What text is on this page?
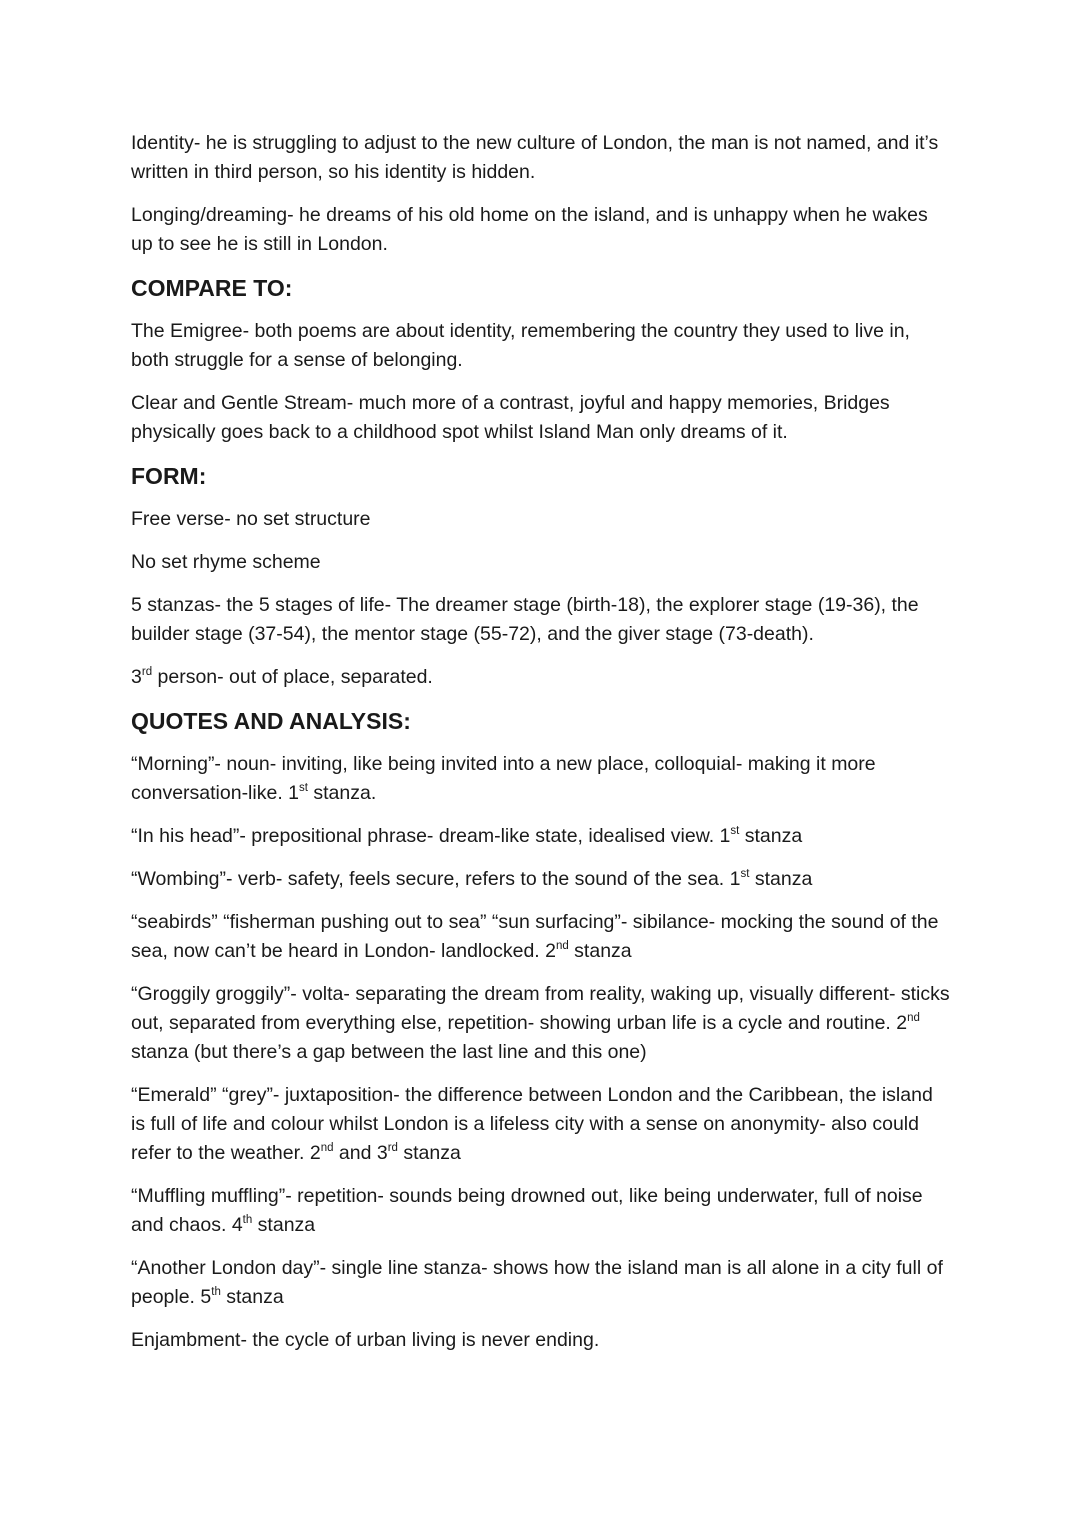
Identity- he is struggling to adjust to the new culture of London, the man is not named, and it’s written in third person, so his identity is hidden.

Longing/dreaming- he dreams of his old home on the island, and is unhappy when he wakes up to see he is still in London.

COMPARE TO:

The Emigree- both poems are about identity, remembering the country they used to live in, both struggle for a sense of belonging.

Clear and Gentle Stream- much more of a contrast, joyful and happy memories, Bridges physically goes back to a childhood spot whilst Island Man only dreams of it.

FORM:

Free verse- no set structure

No set rhyme scheme

5 stanzas- the 5 stages of life- The dreamer stage (birth-18), the explorer stage (19-36), the builder stage (37-54), the mentor stage (55-72), and the giver stage (73-death).

3rd person- out of place, separated.

QUOTES AND ANALYSIS:

“Morning”- noun- inviting, like being invited into a new place, colloquial- making it more conversation-like. 1st stanza.

“In his head”- prepositional phrase- dream-like state, idealised view. 1st stanza

“Wombing”- verb- safety, feels secure, refers to the sound of the sea. 1st stanza

“seabirds” “fisherman pushing out to sea” “sun surfacing”- sibilance- mocking the sound of the sea, now can’t be heard in London- landlocked. 2nd stanza

“Groggily groggily”- volta- separating the dream from reality, waking up, visually different- sticks out, separated from everything else, repetition- showing urban life is a cycle and routine. 2nd stanza (but there’s a gap between the last line and this one)

“Emerald” “grey”- juxtaposition- the difference between London and the Caribbean, the island is full of life and colour whilst London is a lifeless city with a sense on anonymity- also could refer to the weather. 2nd and 3rd stanza

“Muffling muffling”- repetition- sounds being drowned out, like being underwater, full of noise and chaos. 4th stanza

“Another London day”- single line stanza- shows how the island man is all alone in a city full of people. 5th stanza

Enjambment- the cycle of urban living is never ending.
